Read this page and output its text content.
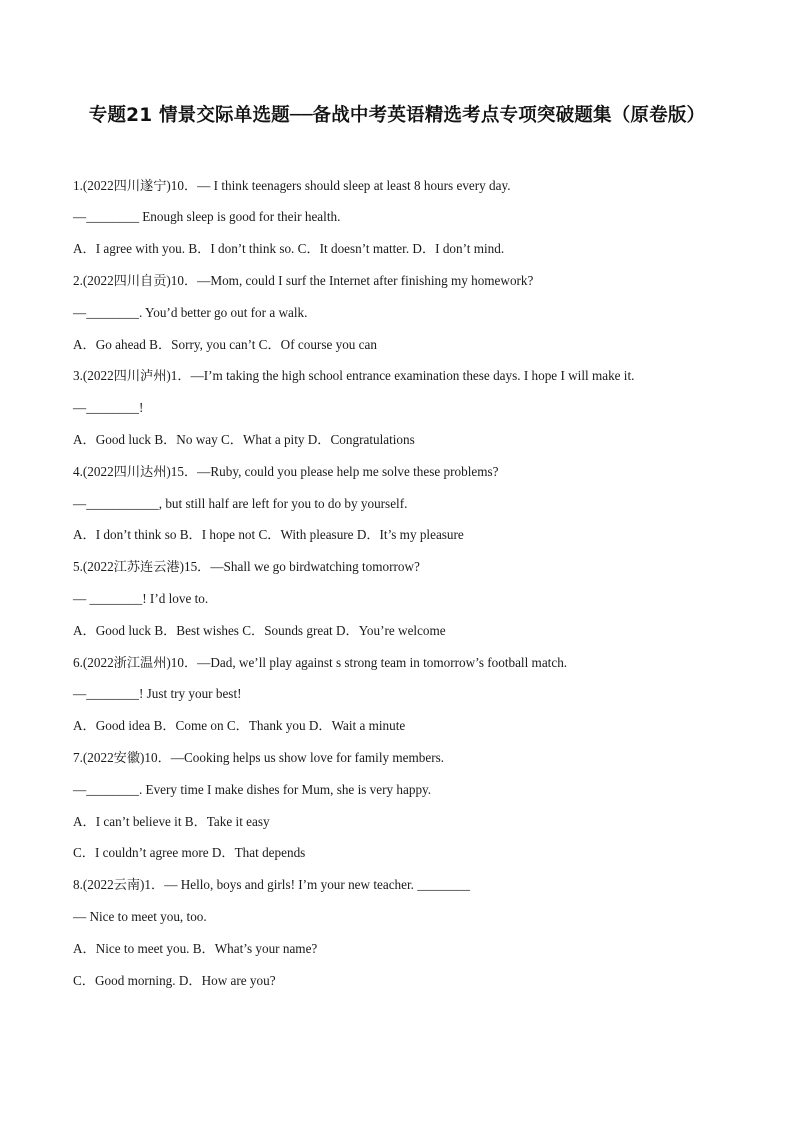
专题21 情景交际单选题──备战中考英语精选考点专项突破题集（原卷版）
1.(2022四川遂宁)10．— I think teenagers should sleep at least 8 hours every day.
—________ Enough sleep is good for their health.
A．I agree with you. B．I don’t think so. C．It doesn’t matter. D．I don’t mind.
2.(2022四川自贡)10．—Mom, could I surf the Internet after finishing my homework?
—________. You’d better go out for a walk.
A．Go ahead B．Sorry, you can’t C．Of course you can
3.(2022四川泸州)1．—I’m taking the high school entrance examination these days. I hope I will make it.
—________!
A．Good luck B．No way C．What a pity D．Congratulations
4.(2022四川达州)15．—Ruby, could you please help me solve these problems?
—___________, but still half are left for you to do by yourself.
A．I don’t think so B．I hope not C．With pleasure D．It’s my pleasure
5.(2022江苏连云港)15．—Shall we go birdwatching tomorrow?
— ________! I’d love to.
A．Good luck B．Best wishes C．Sounds great D．You’re welcome
6.(2022浙江温州)10．—Dad, we’ll play against s strong team in tomorrow’s football match.
—________! Just try your best!
A．Good idea B．Come on C．Thank you D．Wait a minute
7.(2022安徽)10．—Cooking helps us show love for family members.
—________. Every time I make dishes for Mum, she is very happy.
A．I can’t believe it B．Take it easy
C．I couldn’t agree more D．That depends
8.(2022云南)1．— Hello, boys and girls! I’m your new teacher. ________
— Nice to meet you, too.
A．Nice to meet you. B．What’s your name?
C．Good morning. D．How are you?
